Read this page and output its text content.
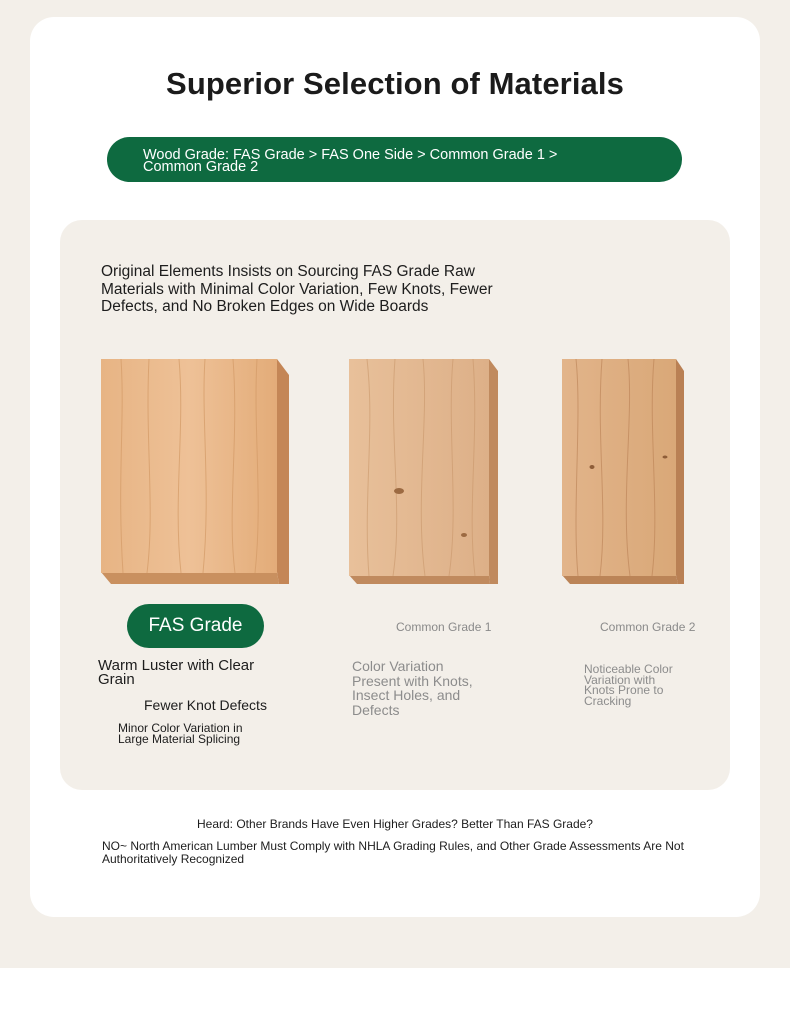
Superior Selection of Materials
Wood Grade: FAS Grade > FAS One Side > Common Grade 1 > Common Grade 2

Original Elements Insists on Sourcing FAS Grade Raw Materials with Minimal Color Variation, Few Knots, Fewer Defects, and No Broken Edges on Wide Boards

FAS Grade	Common Grade 1	Common Grade 2
Warm Luster with Clear Grain
Fewer Knot Defects
Minor Color Variation in Large Material Splicing
Color Variation Present with Knots, Insect Holes, and Defects
Noticeable Color Variation with Knots Prone to Cracking
Heard: Other Brands Have Even Higher Grades? Better Than FAS Grade?
NO~ North American Lumber Must Comply with NHLA Grading Rules, and Other Grade Assessments Are Not Authoritatively Recognized
